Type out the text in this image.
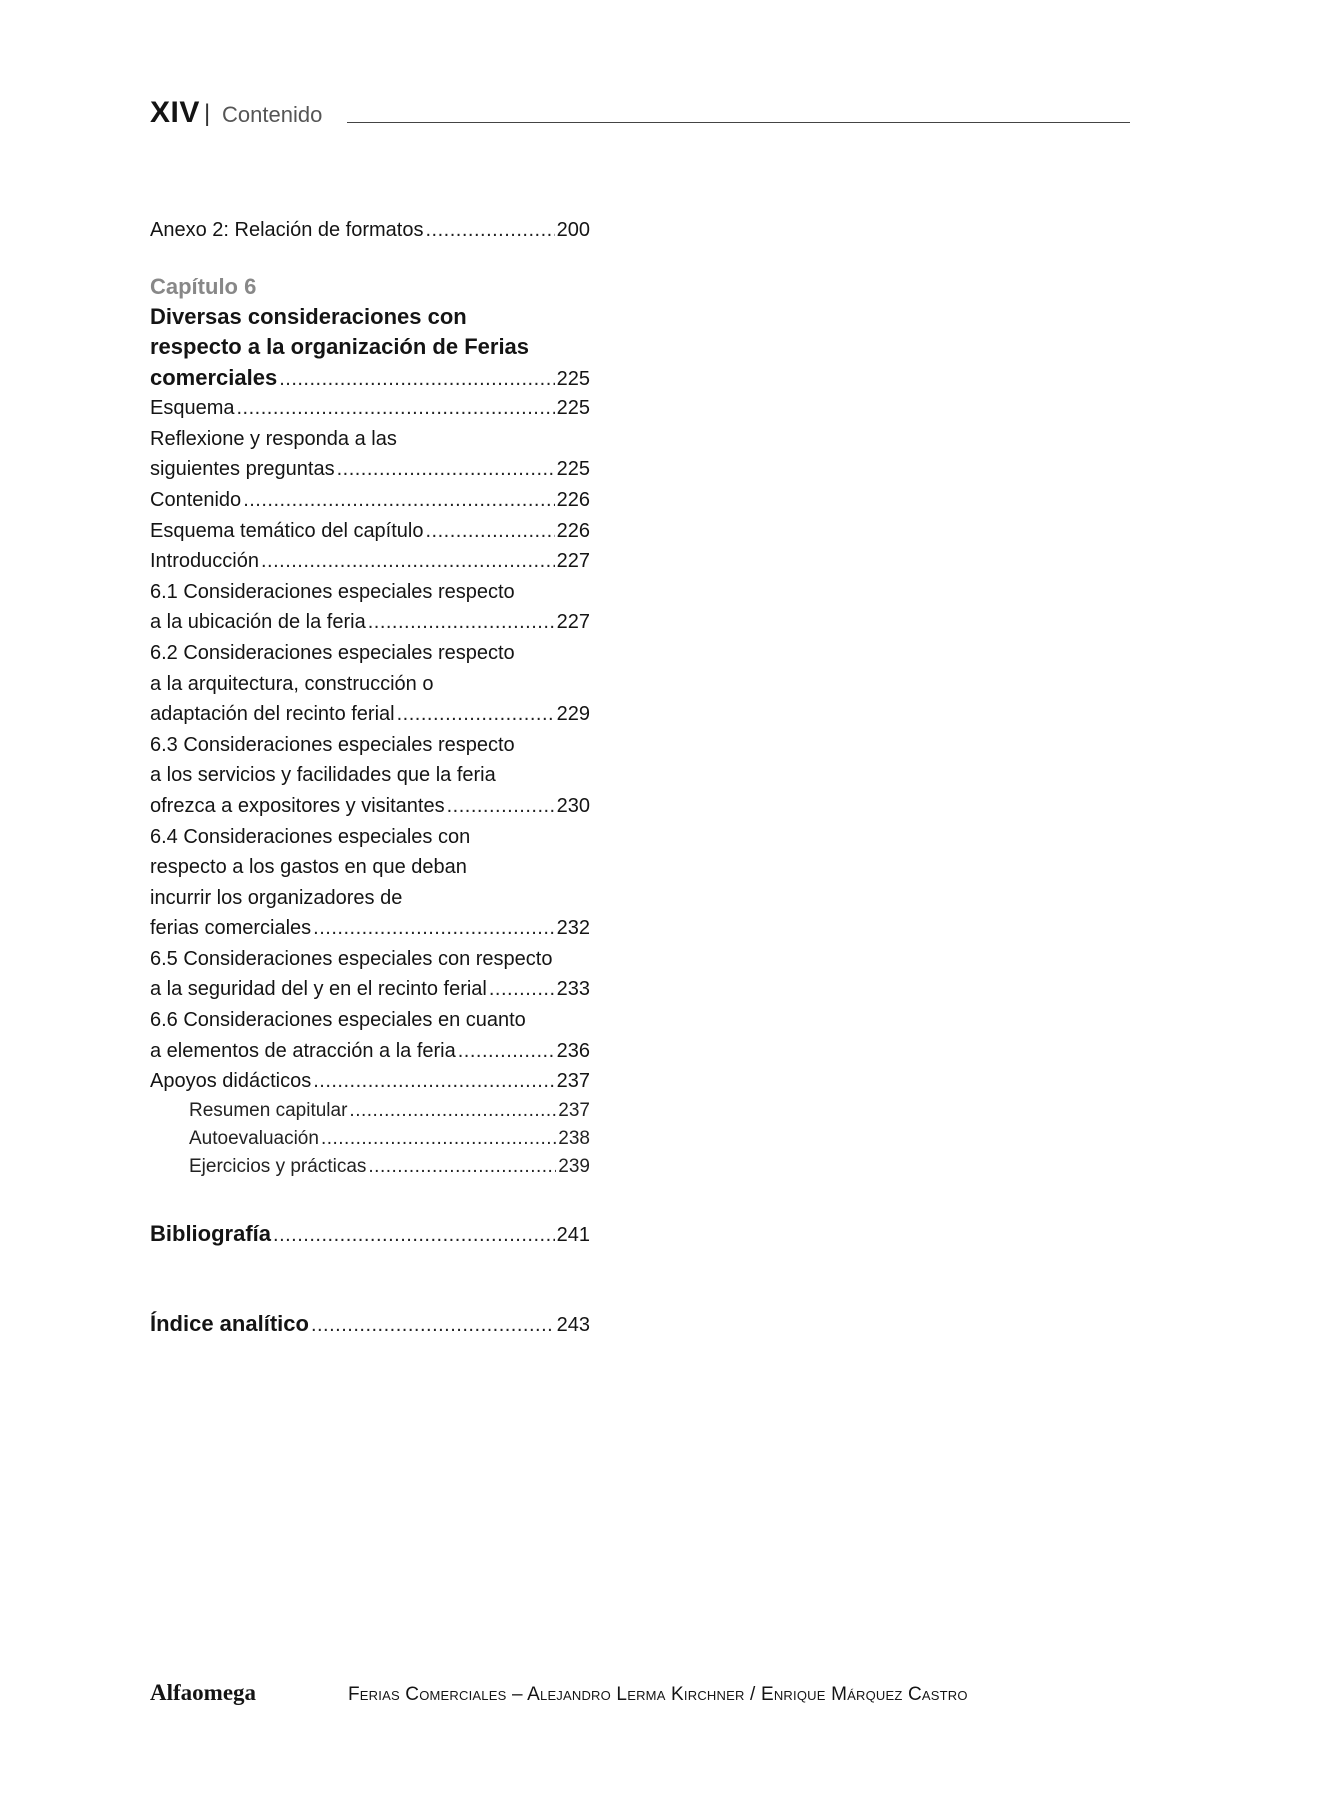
XIV | Contenido
Anexo 2: Relación de formatos .....	200
Capítulo 6
Diversas consideraciones con
respecto a la organización de Ferias
comerciales .....	225
Esquema .....	225
Reflexione y responda a las
siguientes preguntas .....	225
Contenido .....	226
Esquema temático del capítulo .....	226
Introducción .....	227
6.1 Consideraciones especiales respecto
a la ubicación de la feria .....	227
6.2 Consideraciones especiales respecto
a la arquitectura, construcción o
adaptación del recinto ferial .....	229
6.3 Consideraciones especiales respecto
a los servicios y facilidades que la feria
ofrezca a expositores y visitantes .....	230
6.4 Consideraciones especiales con
respecto a los gastos en que deban
incurrir los organizadores de
ferias comerciales .....	232
6.5 Consideraciones especiales con respecto
a la seguridad del y en el recinto ferial .....	233
6.6 Consideraciones especiales en cuanto
a elementos de atracción a la feria .....	236
Apoyos didácticos .....	237
Resumen capitular .....	237
Autoevaluación .....	238
Ejercicios y prácticas .....	239
Bibliografía .....	241
Índice analítico .....	243
Alfaomega	Ferias Comerciales – Alejandro Lerma Kirchner / Enrique Márquez Castro
